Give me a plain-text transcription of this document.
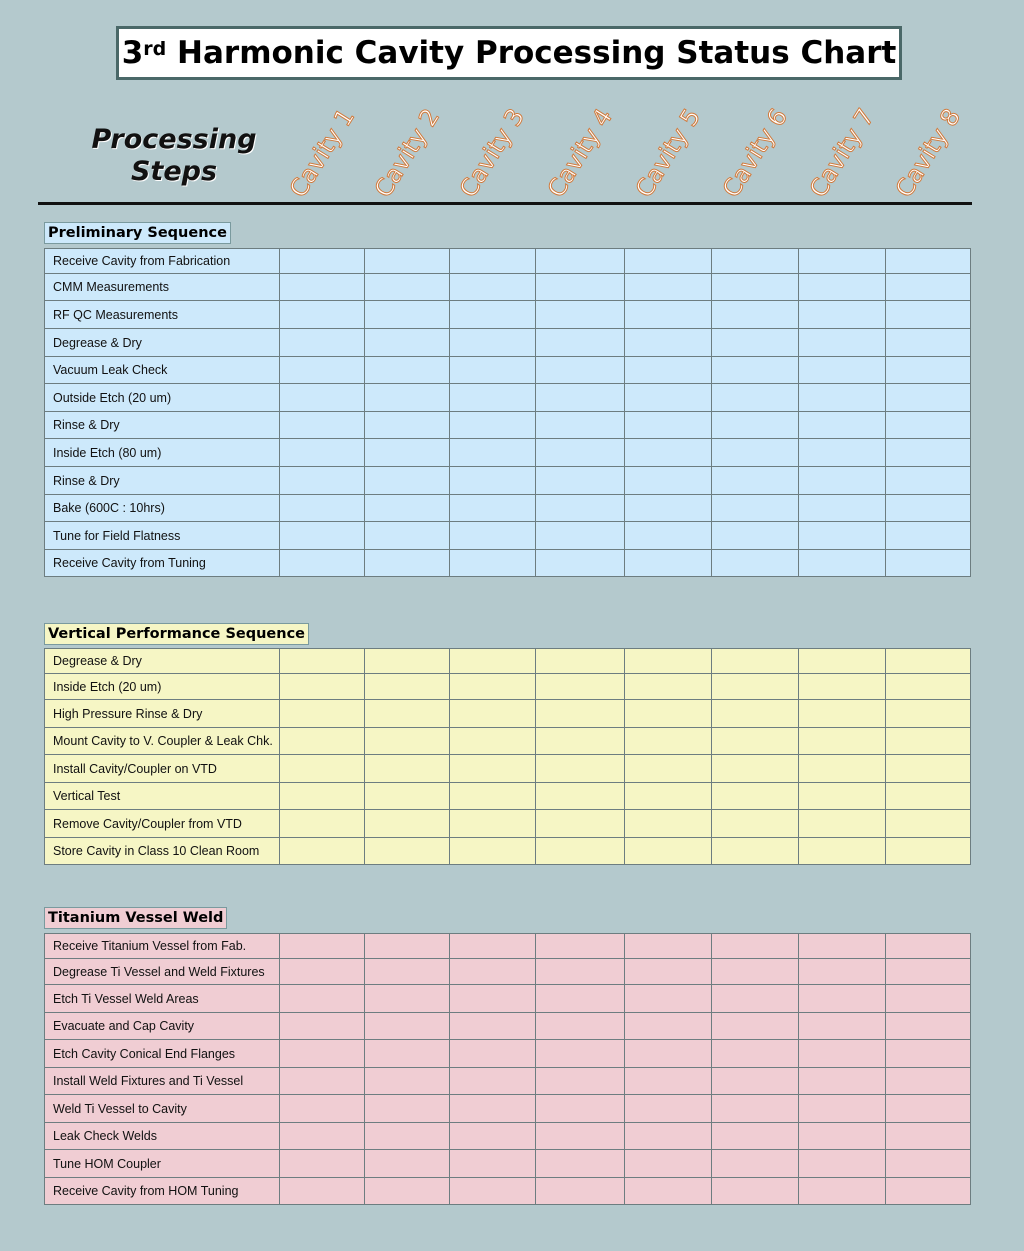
3rd Harmonic Cavity Processing Status Chart
Processing
Steps	Cavity 1 Cavity 2 Cavity 3 Cavity 4 Cavity 5 Cavity 6 Cavity 7 Cavity 8
Preliminary Sequence
Receive Cavity from Fabrication								
CMM Measurements								
RF QC Measurements								
Degrease & Dry								
Vacuum Leak Check								
Outside Etch (20 um)								
Rinse & Dry								
Inside Etch (80 um)								
Rinse & Dry								
Bake (600C : 10hrs)								
Tune for Field Flatness								
Receive Cavity from Tuning								
Vertical Performance Sequence
Degrease & Dry								
Inside Etch (20 um)								
High Pressure Rinse & Dry								
Mount Cavity to V. Coupler & Leak Chk.								
Install Cavity/Coupler on VTD								
Vertical Test								
Remove Cavity/Coupler from VTD								
Store Cavity in Class 10 Clean Room								
Titanium Vessel Weld
Receive Titanium Vessel from Fab.								
Degrease Ti Vessel and Weld Fixtures								
Etch Ti Vessel Weld Areas								
Evacuate and Cap Cavity								
Etch Cavity Conical End Flanges								
Install Weld Fixtures and Ti Vessel								
Weld Ti Vessel to Cavity								
Leak Check Welds								
Tune HOM Coupler								
Receive Cavity from HOM Tuning								
